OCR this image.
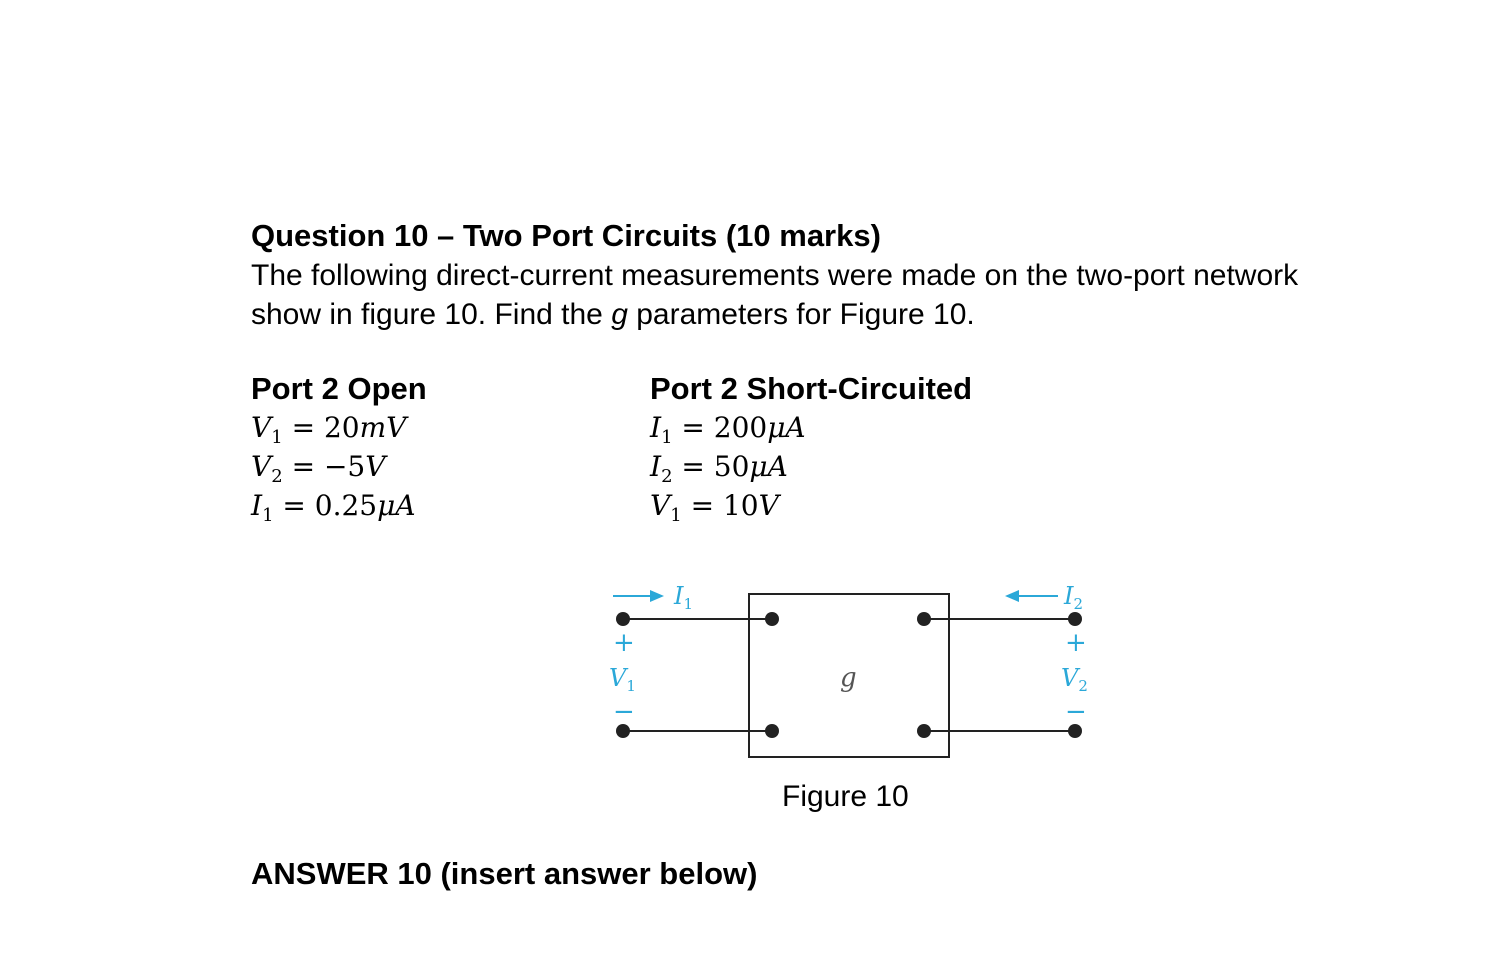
Question 10 – Two Port Circuits (10 marks)
The following direct-current measurements were made on the two-port network
show in figure 10. Find the g parameters for Figure 10.
Port 2 Open
$V_1 = 20mV$
$V_2 = -5V$
$I_1 = 0.25\mu A$
Port 2 Short-Circuited
$I_1 = 200\mu A$
$I_2 = 50\mu A$
$V_1 = 10V$
$I_1$	$I_2$
+
$V_1$
−
+
$V_2$
−
g
Figure 10
ANSWER 10 (insert answer below)
